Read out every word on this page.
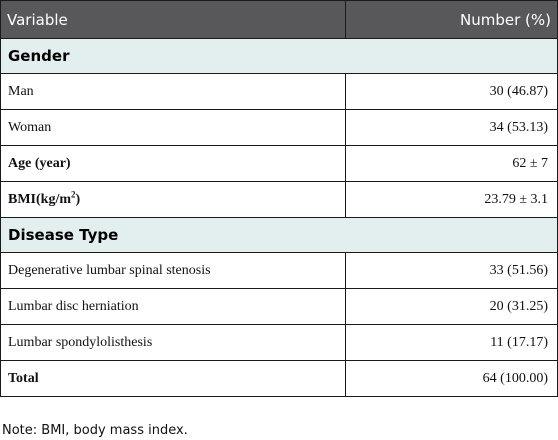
Variable	Number (%)
Gender	
Man	30 (46.87)
Woman	34 (53.13)
Age (year)	62 ± 7
$BMI(kg/m^2)$	23.79 ± 3.1
Disease Type	
Degenerative lumbar spinal stenosis	33 (51.56)
Lumbar disc herniation	20 (31.25)
Lumbar spondylolisthesis	11 (17.17)
Total	64 (100.00)
Note: BMI, body mass index.
